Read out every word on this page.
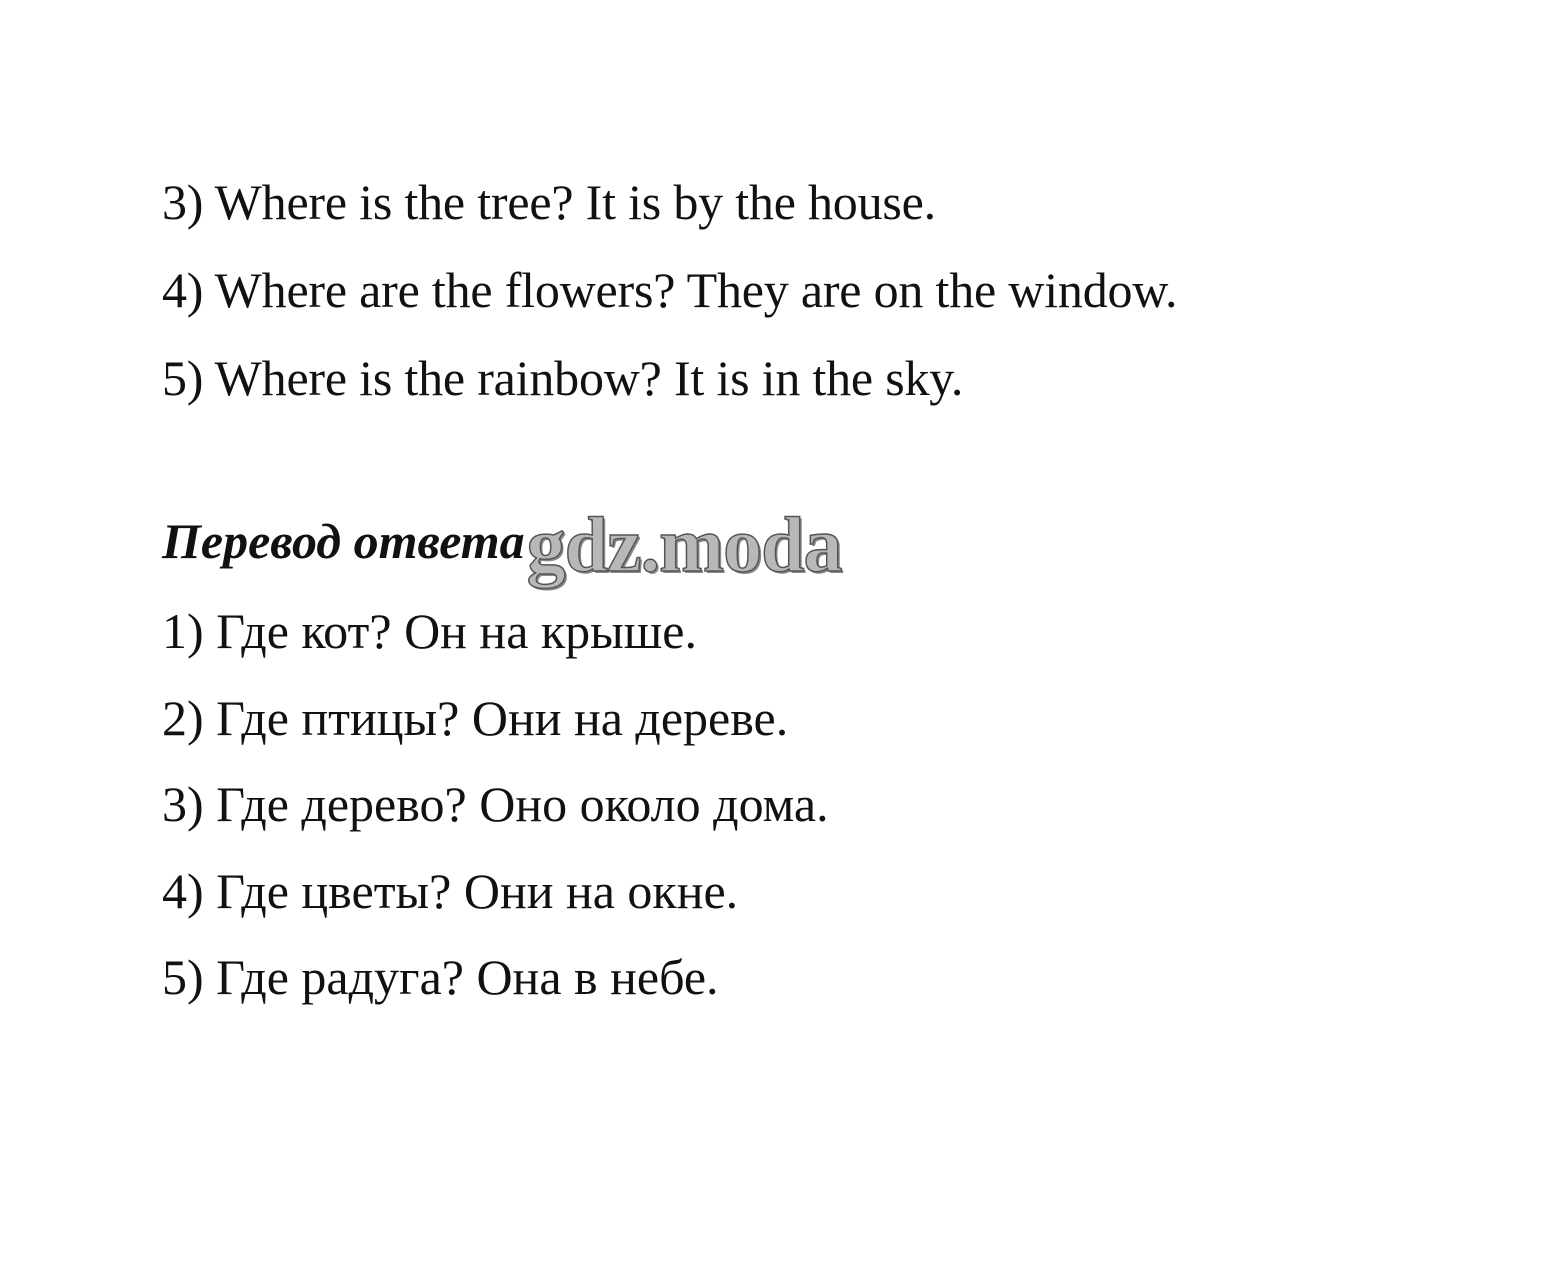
3) Where is the tree? It is by the house.
4) Where are the flowers? They are on the window.
5) Where is the rainbow? It is in the sky.
Перевод ответа gdz.moda
1) Где кот? Он на крыше.
2) Где птицы? Они на дереве.
3) Где дерево? Оно около дома.
4) Где цветы? Они на окне.
5) Где радуга? Она в небе.
